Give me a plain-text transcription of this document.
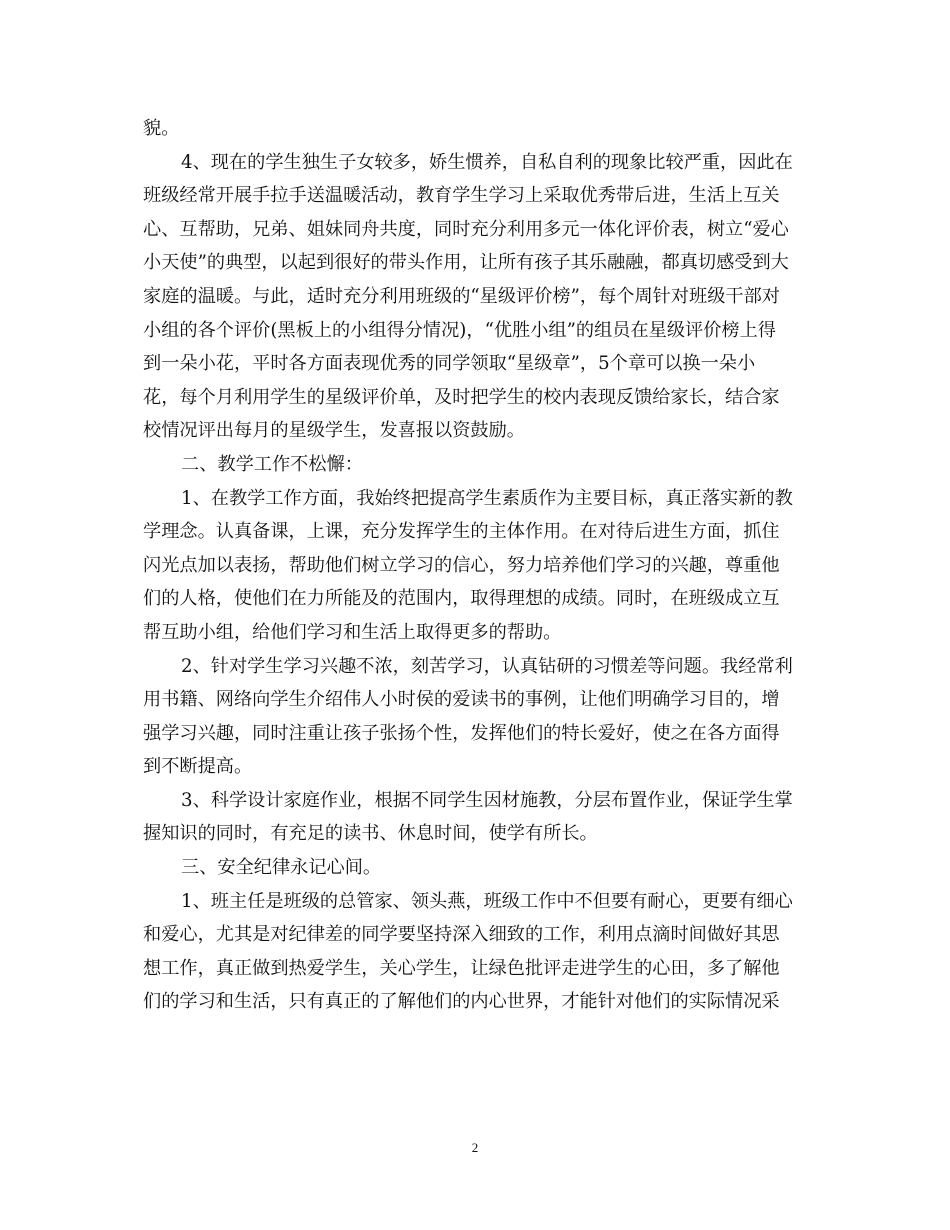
貌。
4、现在的学生独生子女较多，娇生惯养，自私自利的现象比较严重，因此在
班级经常开展手拉手送温暖活动，教育学生学习上采取优秀带后进，生活上互关
心、互帮助，兄弟、姐妹同舟共度，同时充分利用多元一体化评价表，树立“爱心
小天使”的典型，以起到很好的带头作用，让所有孩子其乐融融，都真切感受到大
家庭的温暖。与此，适时充分利用班级的“星级评价榜”，每个周针对班级干部对
小组的各个评价(黑板上的小组得分情况)，“优胜小组”的组员在星级评价榜上得
到一朵小花，平时各方面表现优秀的同学领取“星级章”，5个章可以换一朵小
花，每个月利用学生的星级评价单，及时把学生的校内表现反馈给家长，结合家
校情况评出每月的星级学生，发喜报以资鼓励。
二、教学工作不松懈：
1、在教学工作方面，我始终把提高学生素质作为主要目标，真正落实新的教
学理念。认真备课，上课，充分发挥学生的主体作用。在对待后进生方面，抓住
闪光点加以表扬，帮助他们树立学习的信心，努力培养他们学习的兴趣，尊重他
们的人格，使他们在力所能及的范围内，取得理想的成绩。同时，在班级成立互
帮互助小组，给他们学习和生活上取得更多的帮助。
2、针对学生学习兴趣不浓，刻苦学习，认真钻研的习惯差等问题。我经常利
用书籍、网络向学生介绍伟人小时侯的爱读书的事例，让他们明确学习目的，增
强学习兴趣，同时注重让孩子张扬个性，发挥他们的特长爱好，使之在各方面得
到不断提高。
3、科学设计家庭作业，根据不同学生因材施教，分层布置作业，保证学生掌
握知识的同时，有充足的读书、休息时间，使学有所长。
三、安全纪律永记心间。
1、班主任是班级的总管家、领头燕，班级工作中不但要有耐心，更要有细心
和爱心，尤其是对纪律差的同学要坚持深入细致的工作，利用点滴时间做好其思
想工作，真正做到热爱学生，关心学生，让绿色批评走进学生的心田，多了解他
们的学习和生活，只有真正的了解他们的内心世界，才能针对他们的实际情况采
2
